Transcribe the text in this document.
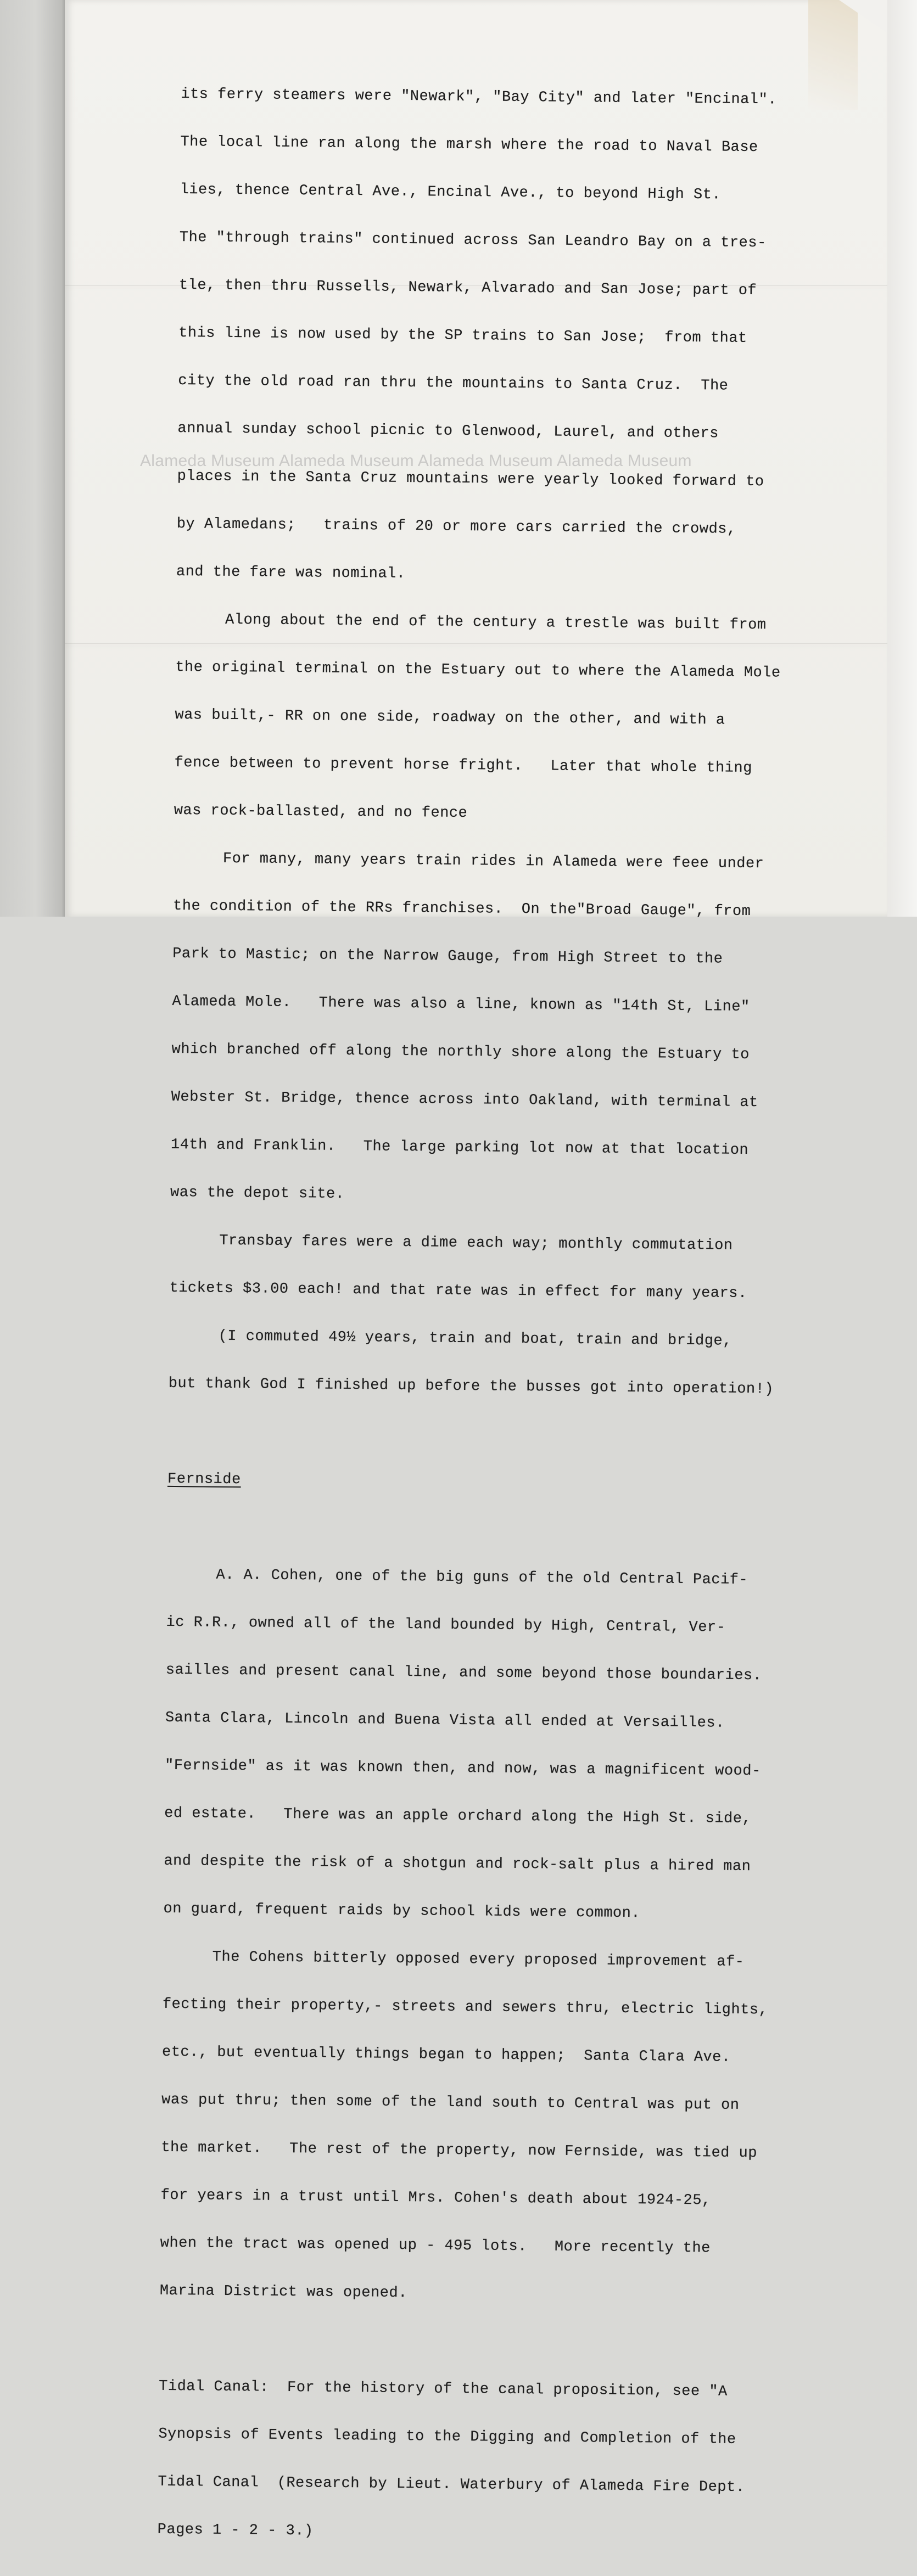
its ferry steamers were "Newark", "Bay City" and later "Encinal".

The local line ran along the marsh where the road to Naval Base

lies, thence Central Ave., Encinal Ave., to beyond High St.

The "through trains" continued across San Leandro Bay on a tres-

tle, then thru Russells, Newark, Alvarado and San Jose; part of

this line is now used by the SP trains to San Jose;  from that

city the old road ran thru the mountains to Santa Cruz.  The

annual sunday school picnic to Glenwood, Laurel, and others

places in the Santa Cruz mountains were yearly looked forward to

by Alamedans;   trains of 20 or more cars carried the crowds,

and the fare was nominal.

Along about the end of the century a trestle was built from

the original terminal on the Estuary out to where the Alameda Mole

was built,- RR on one side, roadway on the other, and with a

fence between to prevent horse fright.   Later that whole thing

was rock-ballasted, and no fence

For many, many years train rides in Alameda were feee under

the condition of the RRs franchises.  On the"Broad Gauge", from

Park to Mastic; on the Narrow Gauge, from High Street to the

Alameda Mole.   There was also a line, known as "14th St, Line"

which branched off along the northly shore along the Estuary to

Webster St. Bridge, thence across into Oakland, with terminal at

14th and Franklin.   The large parking lot now at that location

was the depot site.

Transbay fares were a dime each way; monthly commutation

tickets $3.00 each! and that rate was in effect for many years.

(I commuted 49½ years, train and boat, train and bridge,

but thank God I finished up before the busses got into operation!)

Fernside

A. A. Cohen, one of the big guns of the old Central Pacif-

ic R.R., owned all of the land bounded by High, Central, Ver-

sailles and present canal line, and some beyond those boundaries.

Santa Clara, Lincoln and Buena Vista all ended at Versailles.

"Fernside" as it was known then, and now, was a magnificent wood-

ed estate.   There was an apple orchard along the High St. side,

and despite the risk of a shotgun and rock-salt plus a hired man

on guard, frequent raids by school kids were common.

The Cohens bitterly opposed every proposed improvement af-

fecting their property,- streets and sewers thru, electric lights,

etc., but eventually things began to happen;  Santa Clara Ave.

was put thru; then some of the land south to Central was put on

the market.   The rest of the property, now Fernside, was tied up

for years in a trust until Mrs. Cohen's death about 1924-25,

when the tract was opened up - 495 lots.   More recently the

Marina District was opened.

Tidal Canal:  For the history of the canal proposition, see "A

Synopsis of Events leading to the Digging and Completion of the

Tidal Canal  (Research by Lieut. Waterbury of Alameda Fire Dept.

Pages 1 - 2 - 3.)

Alameda Museum Alameda Museum Alameda Museum Alameda Museum
